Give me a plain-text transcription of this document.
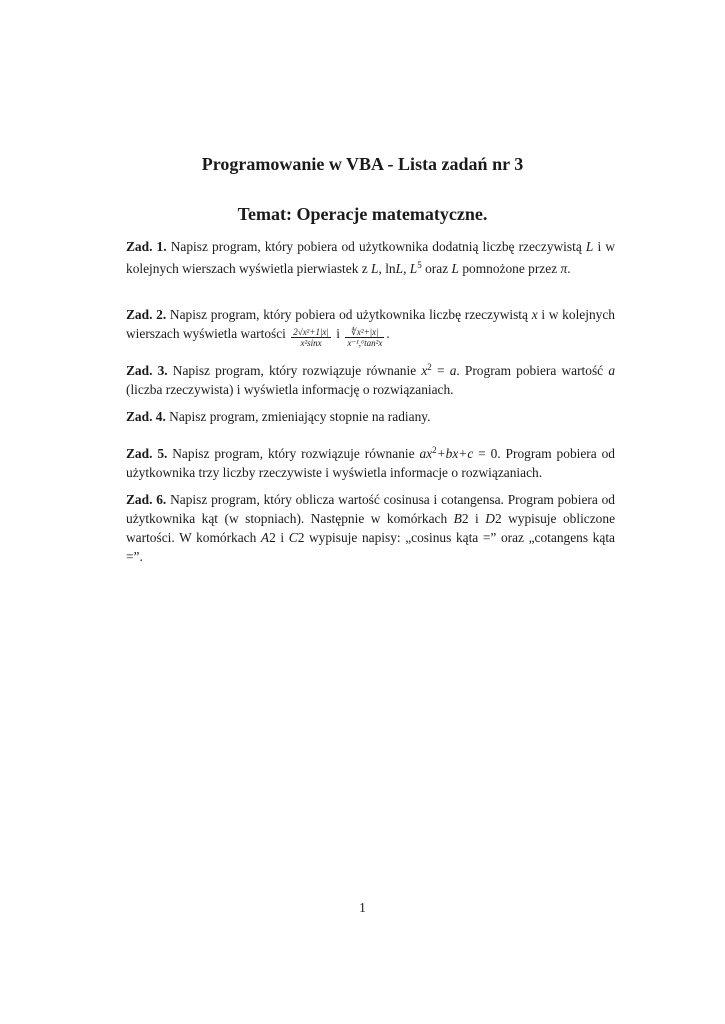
Programowanie w VBA - Lista zadań nr 3
Temat: Operacje matematyczne.
Zad. 1. Napisz program, który pobiera od użytkownika dodatnią liczbę rzeczywistą L i w kolejnych wierszach wyświetla pierwiastek z L, lnL, $L^5$ oraz L pomnożone przez π.
Zad. 2. Napisz program, który pobiera od użytkownika liczbę rzeczywistą x i w kolejnych wierszach wyświetla wartości $\frac{\text{2√x²+1|x|}}{\text{x²sinx}}$ i $\frac{\text{∜x²+|x|}}{\text{x⁻¹,⁶tan²x}}$ .
Zad. 3. Napisz program, który rozwiązuje równanie $x^2 = a$. Program pobiera wartość a (liczba rzeczywista) i wyświetla informację o rozwiązaniach.
Zad. 4. Napisz program, zmieniający stopnie na radiany.
Zad. 5. Napisz program, który rozwiązuje równanie $ax^2+bx+c = 0$. Program pobiera od użytkownika trzy liczby rzeczywiste i wyświetla informacje o rozwiązaniach.
Zad. 6. Napisz program, który oblicza wartość cosinusa i cotangensa. Program pobiera od użytkownika kąt (w stopniach). Następnie w komórkach B2 i D2 wypisuje obliczone wartości. W komórkach A2 i C2 wypisuje napisy: „cosinus kąta =” oraz „cotangens kąta =”.
1
